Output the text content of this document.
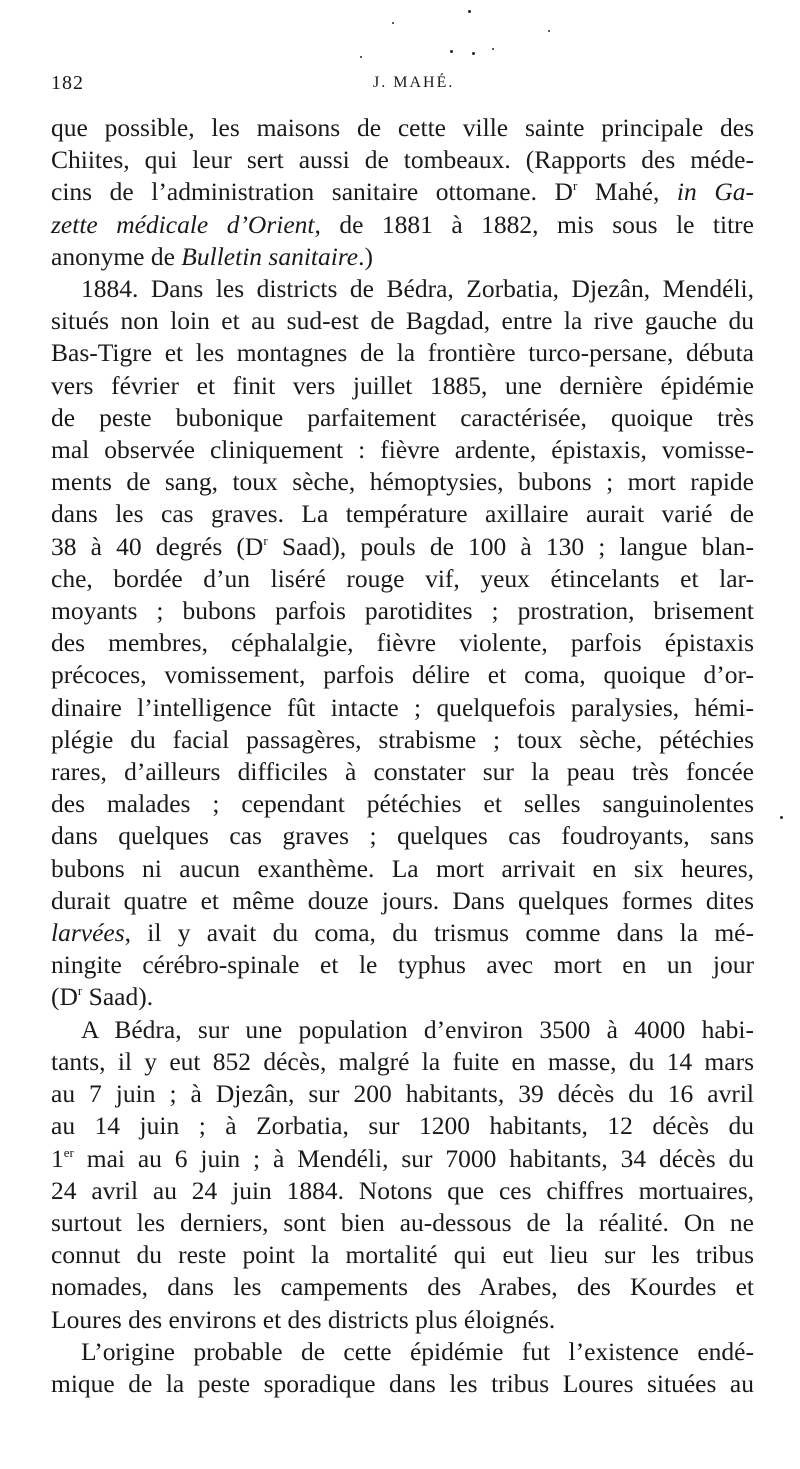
182	J. MAHÉ.
que possible, les maisons de cette ville sainte principale des
Chiites, qui leur sert aussi de tombeaux. (Rapports des méde-
cins de l’administration sanitaire ottomane. $D^r$ Mahé, in Ga-
zette médicale d’Orient, de 1881 à 1882, mis sous le titre
anonyme de Bulletin sanitaire.)
1884. Dans les districts de Bédra, Zorbatia, Djezân, Mendéli,
situés non loin et au sud-est de Bagdad, entre la rive gauche du
Bas-Tigre et les montagnes de la frontière turco-persane, débuta
vers février et finit vers juillet 1885, une dernière épidémie
de peste bubonique parfaitement caractérisée, quoique très
mal observée cliniquement : fièvre ardente, épistaxis, vomisse-
ments de sang, toux sèche, hémoptysies, bubons ; mort rapide
dans les cas graves. La température axillaire aurait varié de
38 à 40 degrés ($D^r$ Saad), pouls de 100 à 130 ; langue blan-
che, bordée d’un liséré rouge vif, yeux étincelants et lar-
moyants ; bubons parfois parotidites ; prostration, brisement
des membres, céphalalgie, fièvre violente, parfois épistaxis
précoces, vomissement, parfois délire et coma, quoique d’or-
dinaire l’intelligence fût intacte ; quelquefois paralysies, hémi-
plégie du facial passagères, strabisme ; toux sèche, pétéchies
rares, d’ailleurs difficiles à constater sur la peau très foncée
des malades ; cependant pétéchies et selles sanguinolentes
dans quelques cas graves ; quelques cas foudroyants, sans
bubons ni aucun exanthème. La mort arrivait en six heures,
durait quatre et même douze jours. Dans quelques formes dites
larvées, il y avait du coma, du trismus comme dans la mé-
ningite cérébro-spinale et le typhus avec mort en un jour
($D^r$ Saad).
A Bédra, sur une population d’environ 3500 à 4000 habi-
tants, il y eut 852 décès, malgré la fuite en masse, du 14 mars
au 7 juin ; à Djezân, sur 200 habitants, 39 décès du 16 avril
au 14 juin ; à Zorbatia, sur 1200 habitants, 12 décès du
1er mai au 6 juin ; à Mendéli, sur 7000 habitants, 34 décès du
24 avril au 24 juin 1884. Notons que ces chiffres mortuaires,
surtout les derniers, sont bien au-dessous de la réalité. On ne
connut du reste point la mortalité qui eut lieu sur les tribus
nomades, dans les campements des Arabes, des Kourdes et
Loures des environs et des districts plus éloignés.
L’origine probable de cette épidémie fut l’existence endé-
mique de la peste sporadique dans les tribus Loures situées au
